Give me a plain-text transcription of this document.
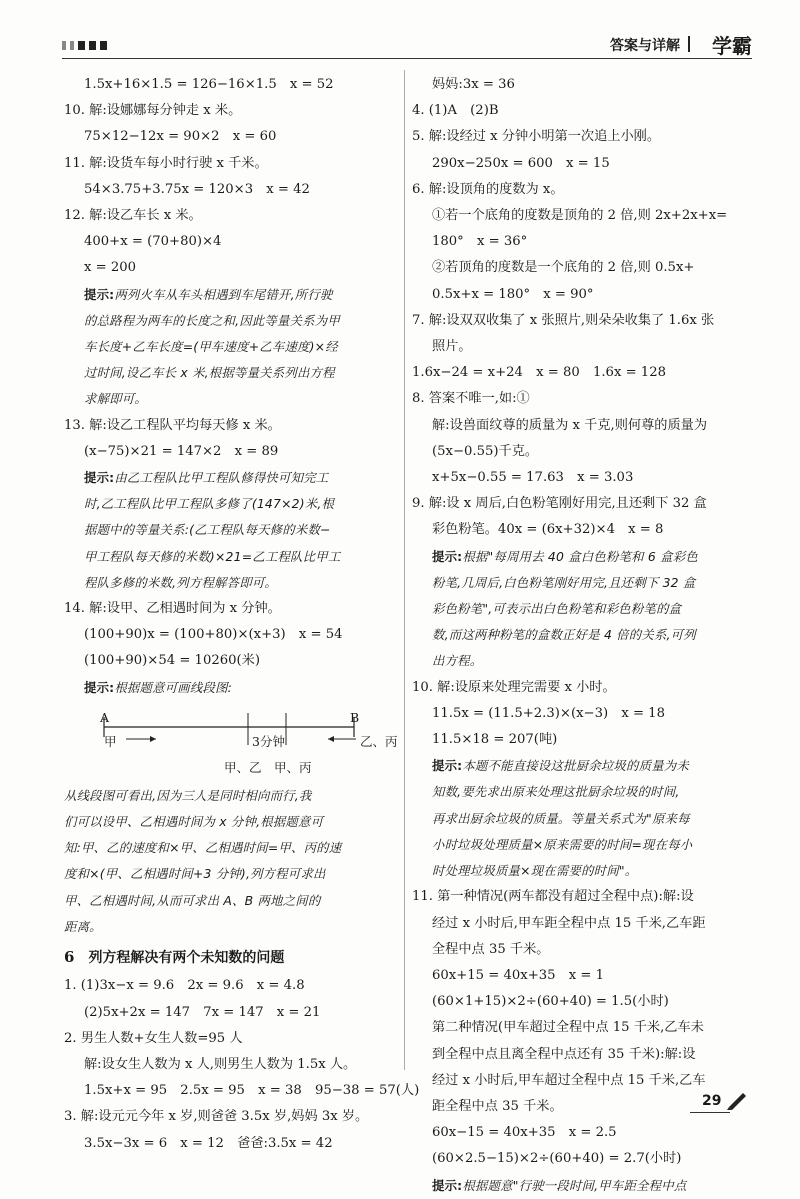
答案与详解 学霸
1.5x+16×1.5 = 126−16×1.5　x = 52
10. 解:设娜娜每分钟走 x 米。
75×12−12x = 90×2　x = 60
11. 解:设货车每小时行驶 x 千米。
54×3.75+3.75x = 120×3　x = 42
12. 解:设乙车长 x 米。
400+x = (70+80)×4
x = 200
提示:两列火车从车头相遇到车尾错开,所行驶
的总路程为两车的长度之和,因此等量关系为甲
车长度+乙车长度=(甲车速度+乙车速度)×经
过时间,设乙车长 x 米,根据等量关系列出方程
求解即可。
13. 解:设乙工程队平均每天修 x 米。
(x−75)×21 = 147×2　x = 89
提示:由乙工程队比甲工程队修得快可知完工
时,乙工程队比甲工程队多修了(147×2)米,根
据题中的等量关系:(乙工程队每天修的米数−
甲工程队每天修的米数)×21=乙工程队比甲工
程队多修的米数,列方程解答即可。
14. 解:设甲、乙相遇时间为 x 分钟。
(100+90)x = (100+80)×(x+3)　x = 54
(100+90)×54 = 10260(米)
提示:根据题意可画线段图:
A	B
甲	3分钟	乙、丙
甲、乙 甲、丙
从线段图可看出,因为三人是同时相向而行,我
们可以设甲、乙相遇时间为 x 分钟,根据题意可
知:甲、乙的速度和×甲、乙相遇时间=甲、丙的速
度和×(甲、乙相遇时间+3 分钟),列方程可求出
甲、乙相遇时间,从而可求出 A、B 两地之间的
距离。
6 列方程解决有两个未知数的问题
1. (1)3x−x = 9.6　2x = 9.6　x = 4.8
(2)5x+2x = 147　7x = 147　x = 21
2. 男生人数+女生人数=95 人
解:设女生人数为 x 人,则男生人数为 1.5x 人。
1.5x+x = 95　2.5x = 95　x = 38　95−38 = 57(人)
3. 解:设元元今年 x 岁,则爸爸 3.5x 岁,妈妈 3x 岁。
3.5x−3x = 6　x = 12　爸爸:3.5x = 42
妈妈:3x = 36
4. (1)A　(2)B
5. 解:设经过 x 分钟小明第一次追上小刚。
290x−250x = 600　x = 15
6. 解:设顶角的度数为 x。
①若一个底角的度数是顶角的 2 倍,则 2x+2x+x=
180°　x = 36°
②若顶角的度数是一个底角的 2 倍,则 0.5x+
0.5x+x = 180°　x = 90°
7. 解:设双双收集了 x 张照片,则朵朵收集了 1.6x 张
照片。
1.6x−24 = x+24　x = 80　1.6x = 128
8. 答案不唯一,如:①
解:设兽面纹尊的质量为 x 千克,则何尊的质量为
(5x−0.55)千克。
x+5x−0.55 = 17.63　x = 3.03
9. 解:设 x 周后,白色粉笔刚好用完,且还剩下 32 盒
彩色粉笔。40x = (6x+32)×4　x = 8
提示:根据"每周用去 40 盒白色粉笔和 6 盒彩色
粉笔,几周后,白色粉笔刚好用完,且还剩下 32 盒
彩色粉笔",可表示出白色粉笔和彩色粉笔的盒
数,而这两种粉笔的盒数正好是 4 倍的关系,可列
出方程。
10. 解:设原来处理完需要 x 小时。
11.5x = (11.5+2.3)×(x−3)　x = 18
11.5×18 = 207(吨)
提示:本题不能直接设这批厨余垃圾的质量为未
知数,要先求出原来处理这批厨余垃圾的时间,
再求出厨余垃圾的质量。等量关系式为"原来每
小时垃圾处理质量×原来需要的时间=现在每小
时处理垃圾质量×现在需要的时间"。
11. 第一种情况(两车都没有超过全程中点):解:设
经过 x 小时后,甲车距全程中点 15 千米,乙车距
全程中点 35 千米。
60x+15 = 40x+35　x = 1
(60×1+15)×2÷(60+40) = 1.5(小时)
第二种情况(甲车超过全程中点 15 千米,乙车未
到全程中点且离全程中点还有 35 千米):解:设
经过 x 小时后,甲车超过全程中点 15 千米,乙车
距全程中点 35 千米。
60x−15 = 40x+35　x = 2.5
(60×2.5−15)×2÷(60+40) = 2.7(小时)
提示:根据题意"行驶一段时间,甲车距全程中点
29
